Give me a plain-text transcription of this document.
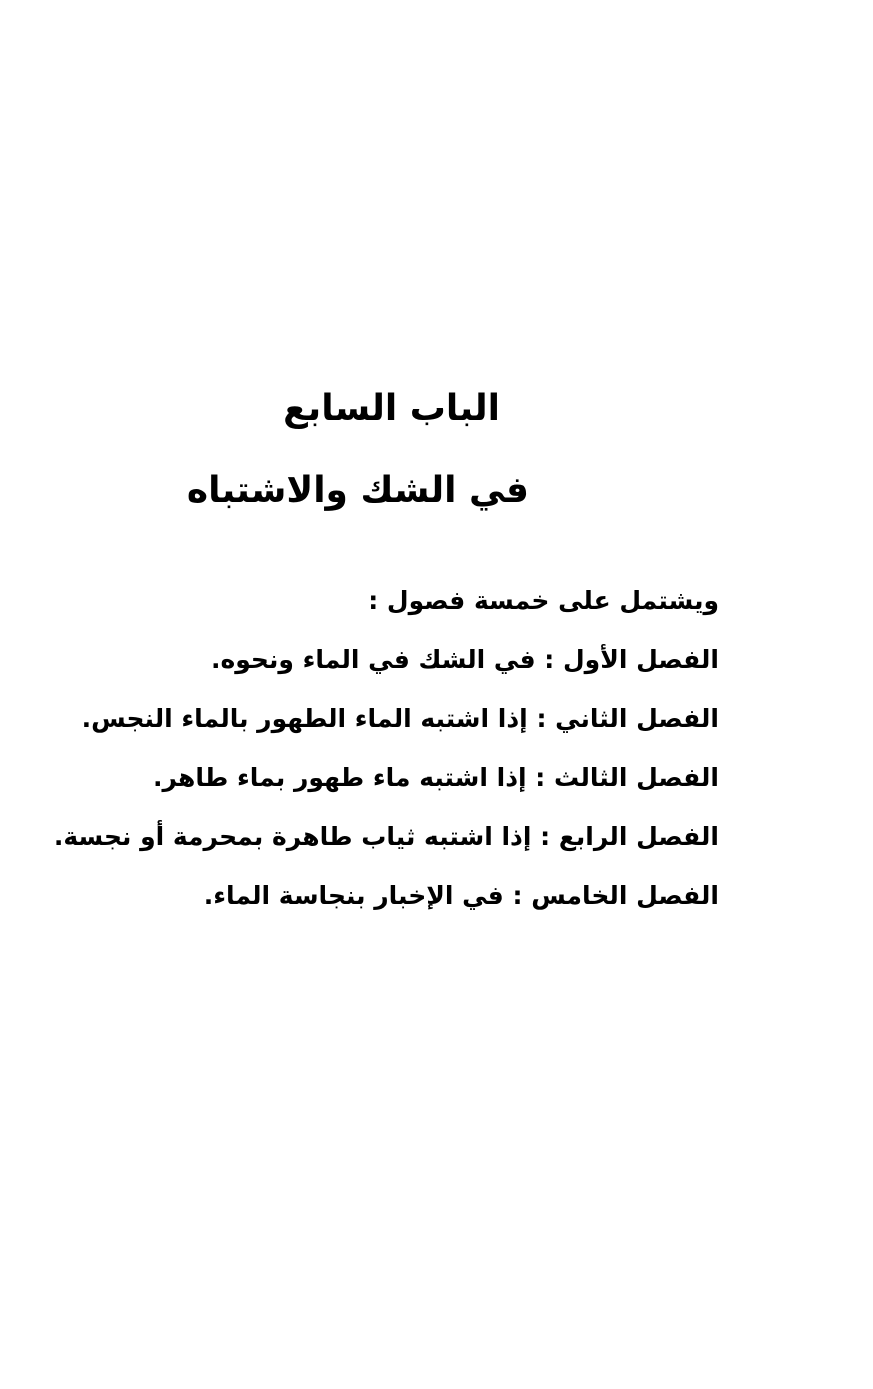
الباب السابع
في الشك والاشتباه
ويشتمل على خمسة فصول :
الفصل الأول : في الشك في الماء ونحوه.
الفصل الثاني : إذا اشتبه الماء الطهور بالماء النجس.
الفصل الثالث : إذا اشتبه ماء طهور بماء طاهر.
الفصل الرابع : إذا اشتبه ثياب طاهرة بمحرمة أو نجسة.
الفصل الخامس : في الإخبار بنجاسة الماء.
